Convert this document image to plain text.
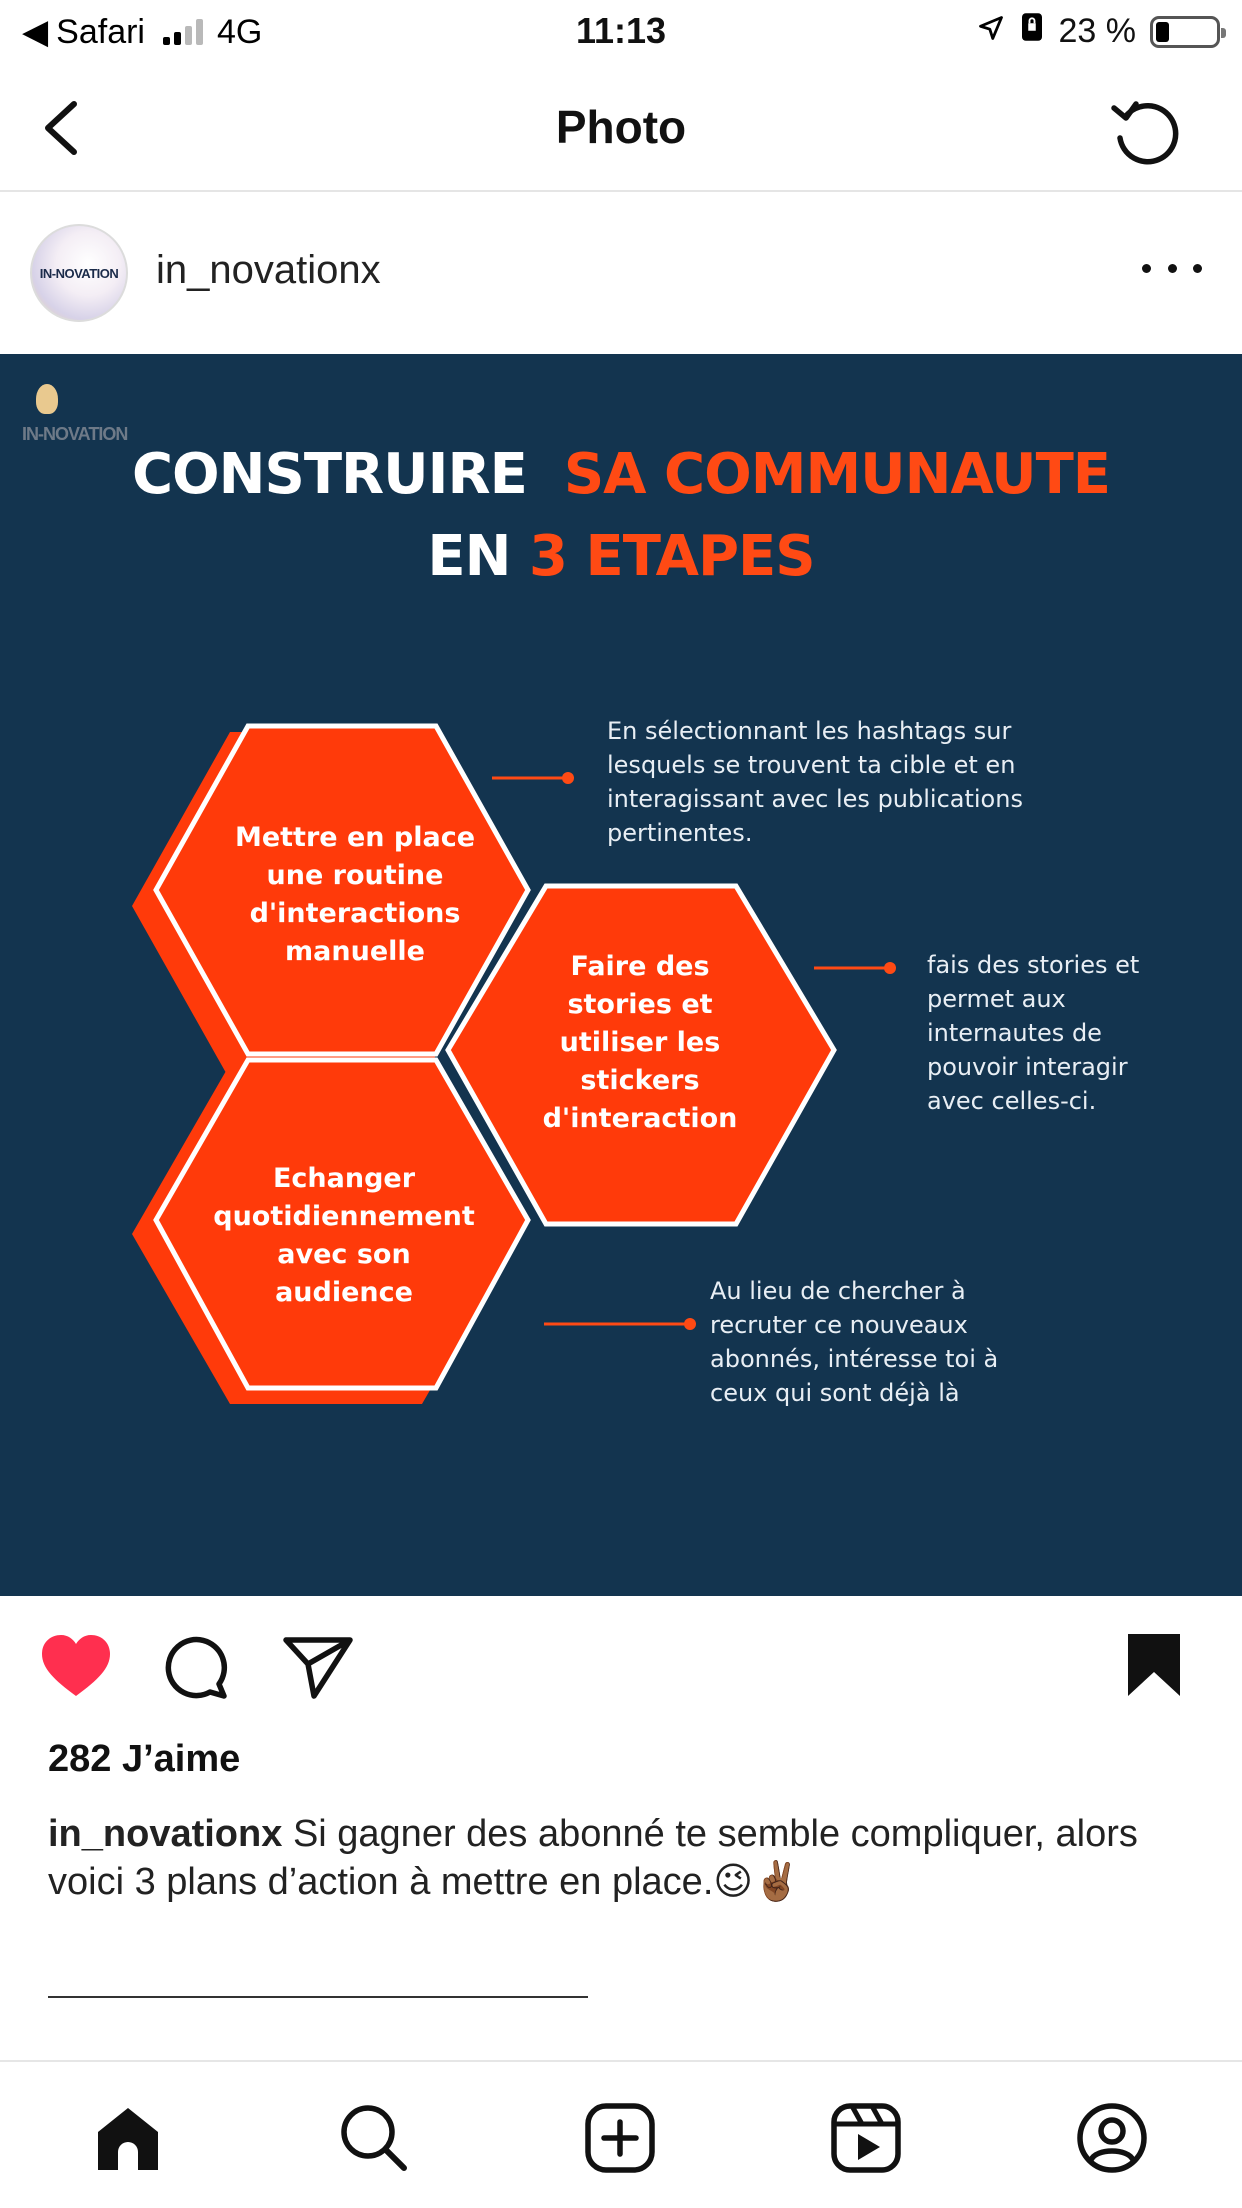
◀ Safari 4G	11:13	23 %
Photo
IN-NOVATION in_novationx
IN-NOVATION
CONSTRUIRE SA COMMUNAUTE
EN 3 ETAPES
Mettre en place une routine d'interactions manuelle	Faire des stories et utiliser les stickers d'interaction
Echanger quotidiennement avec son audience
En sélectionnant les hashtags sur lesquels se trouvent ta cible et en interagissant avec les publications pertinentes.
fais des stories et permet aux internautes de pouvoir interagir avec celles-ci.
Au lieu de chercher à recruter ce nouveaux abonnés, intéresse toi à ceux qui sont déjà là
282 J’aime
in_novationx Si gagner des abonné te semble compliquer, alors voici 3 plans d’action à mettre en place.😉✌🏾
